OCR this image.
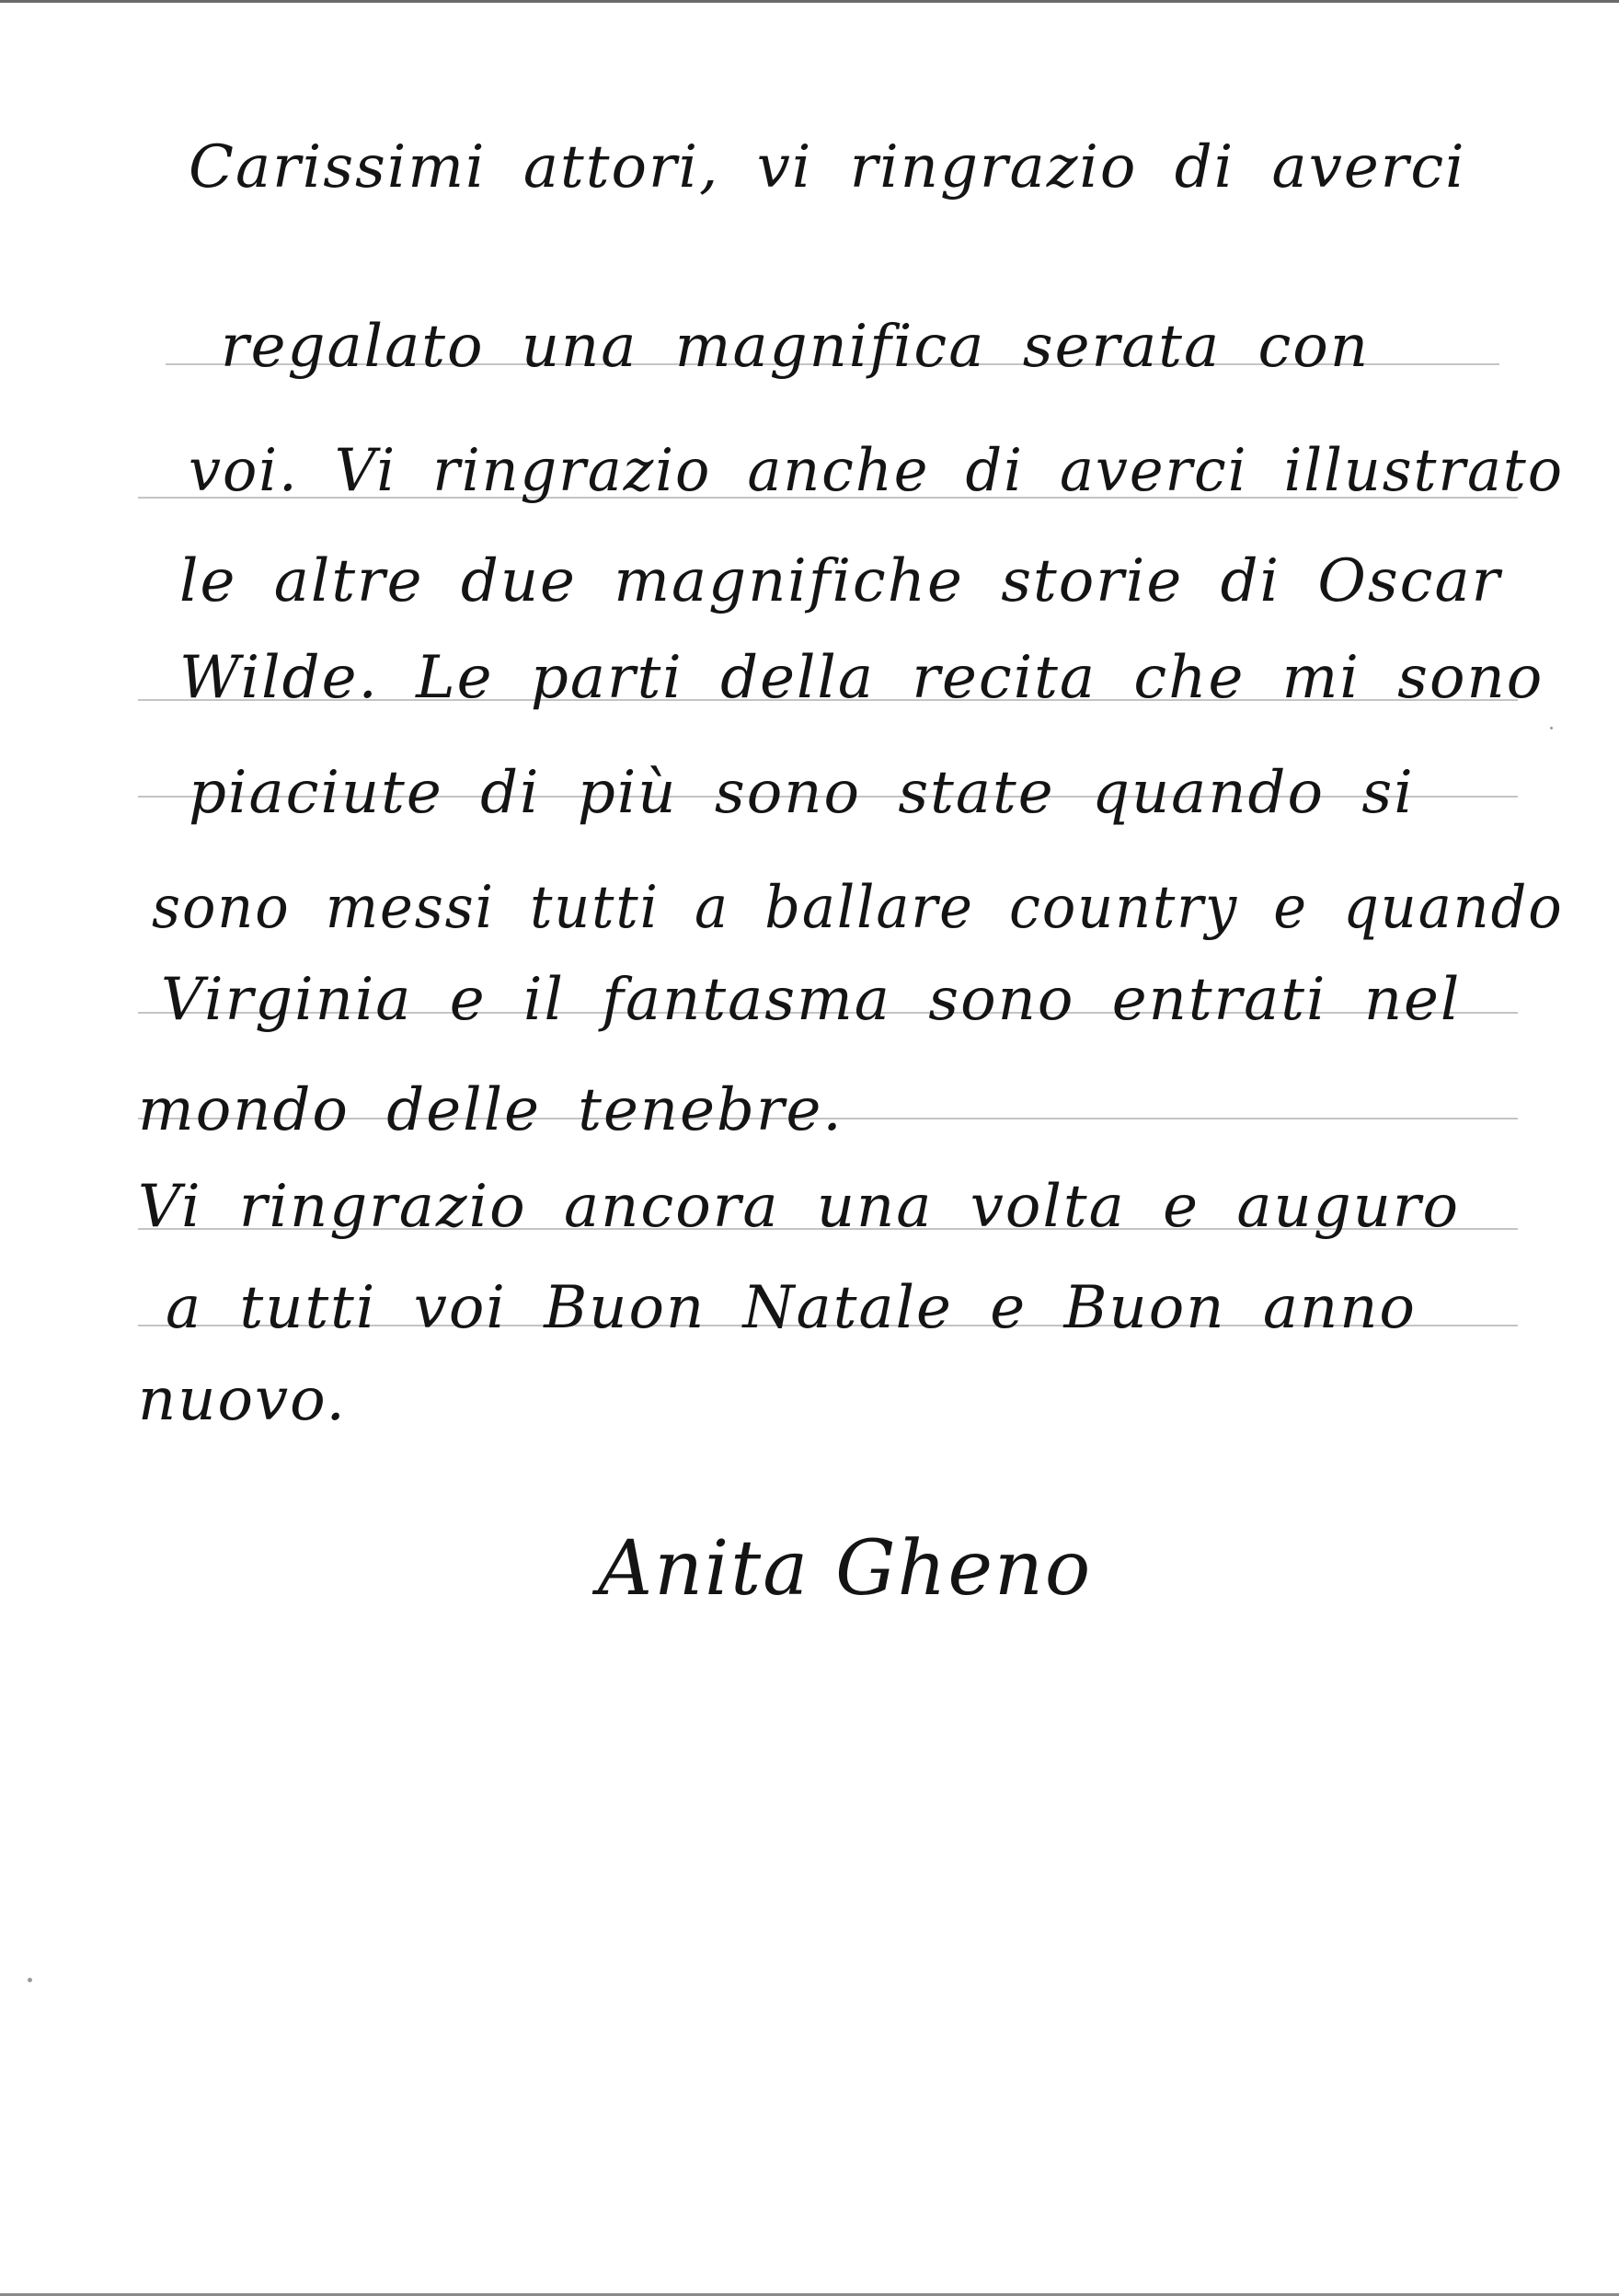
Carissimi attori, vi ringrazio di averci
regalato una magnifica serata con
voi. Vi ringrazio anche di averci illustrato
le altre due magnifiche storie di Oscar
Wilde. Le parti della recita che mi sono
piaciute di più sono state quando si
sono messi tutti a ballare country e quando
Virginia e il fantasma sono entrati nel
mondo delle tenebre.
Vi ringrazio ancora una volta e auguro
a tutti voi Buon Natale e Buon anno
nuovo.
Anita Gheno
